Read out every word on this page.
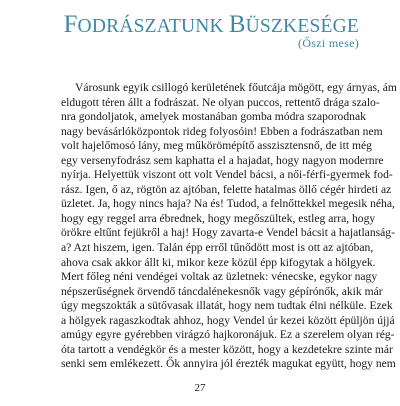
FODRÁSZATUNK BÜSZKESÉGE
(Őszi mese)
Városunk egyik csillogó kerületének főutcája mögött, egy árnyas, ám
eldugott téren állt a fodrászat. Ne olyan puccos, rettentő drága szalo-
nra gondoljatok, amelyek mostanában gomba módra szaporodnak
nagy bevásárlóközpontok rideg folyosóin! Ebben a fodrászatban nem
volt hajelőmosó lány, meg műkörömépítő asszisztensnő, de itt még
egy versenyfodrász sem kaphatta el a hajadat, hogy nagyon modernre
nyírja. Helyettük viszont ott volt Vendel bácsi, a női-férfi-gyermek fod-
rász. Igen, ő az, rögtön az ajtóban, felette hatalmas öllő cégér hirdeti az
üzletet. Ja, hogy nincs haja? Na és! Tudod, a felnőttekkel megesik néha,
hogy egy reggel arra ébrednek, hogy megőszültek, estleg arra, hogy
örökre eltűnt fejükről a haj! Hogy zavarta-e Vendel bácsit a hajatlanság-
a? Azt hiszem, igen. Talán épp erről tűnődött most is ott az ajtóban,
ahova csak akkor állt ki, mikor keze közül épp kifogytak a hölgyek.
Mert főleg néni vendégei voltak az üzletnek: vénecske, egykor nagy
népszerűségnek örvendő táncdalénekesnők vagy gépírónők, akik már
úgy megszokták a sütővasak illatát, hogy nem tudtak élni nélküle. Ezek
a hölgyek ragaszkodtak ahhoz, hogy Vendel úr kezei között épüljön újjá
amúgy egyre gyérebben virágzó hajkoronájuk. Ez a szerelem olyan rég-
óta tartott a vendégkör és a mester között, hogy a kezdetekre szinte már
senki sem emlékezett. Ők annyira jól érezték magukat együtt, hogy nem
27
